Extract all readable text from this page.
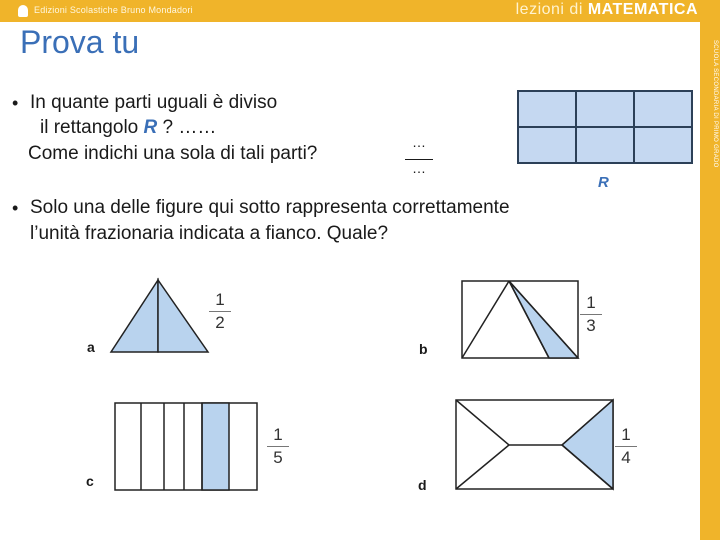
Edizioni Scolastiche Bruno Mondadori	lezioni di MATEMATICA
SCUOLA SECONDARIA DI PRIMO GRADO
Prova tu
• In quante parti uguali è diviso
il rettangolo R ? ……
Come indichi una sola di tali parti?
…
…
R
• Solo una delle figure qui sotto rappresenta correttamente
l’unità frazionaria indicata a fianco. Quale?
1
2
a
1
3
b
1
5
c
1
4
d
